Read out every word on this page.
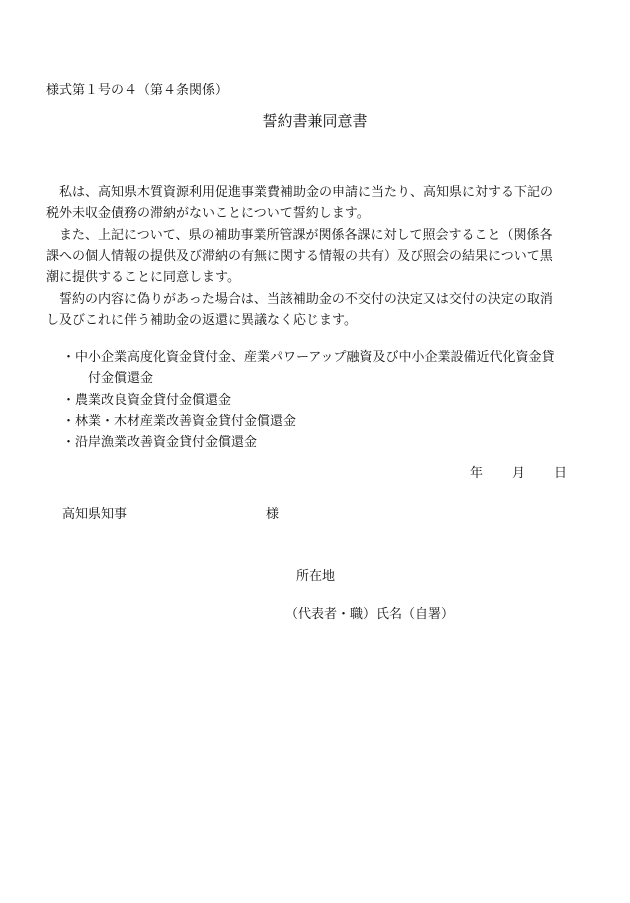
様式第１号の４（第４条関係）
誓約書兼同意書
　私は、高知県木質資源利用促進事業費補助金の申請に当たり、高知県に対する下記の
税外未収金債務の滞納がないことについて誓約します。
　また、上記について、県の補助事業所管課が関係各課に対して照会すること（関係各
課への個人情報の提供及び滞納の有無に関する情報の共有）及び照会の結果について黒
潮に提供することに同意します。
　誓約の内容に偽りがあった場合は、当該補助金の不交付の決定又は交付の決定の取消
し及びこれに伴う補助金の返還に異議なく応じます。
・中小企業高度化資金貸付金、産業パワーアップ融資及び中小企業設備近代化資金貸
付金償還金
・農業改良資金貸付金償還金
・林業・木材産業改善資金貸付金償還金
・沿岸漁業改善資金貸付金償還金
年 月 日
高知県知事	様
所在地
（代表者・職）氏名（自署）
